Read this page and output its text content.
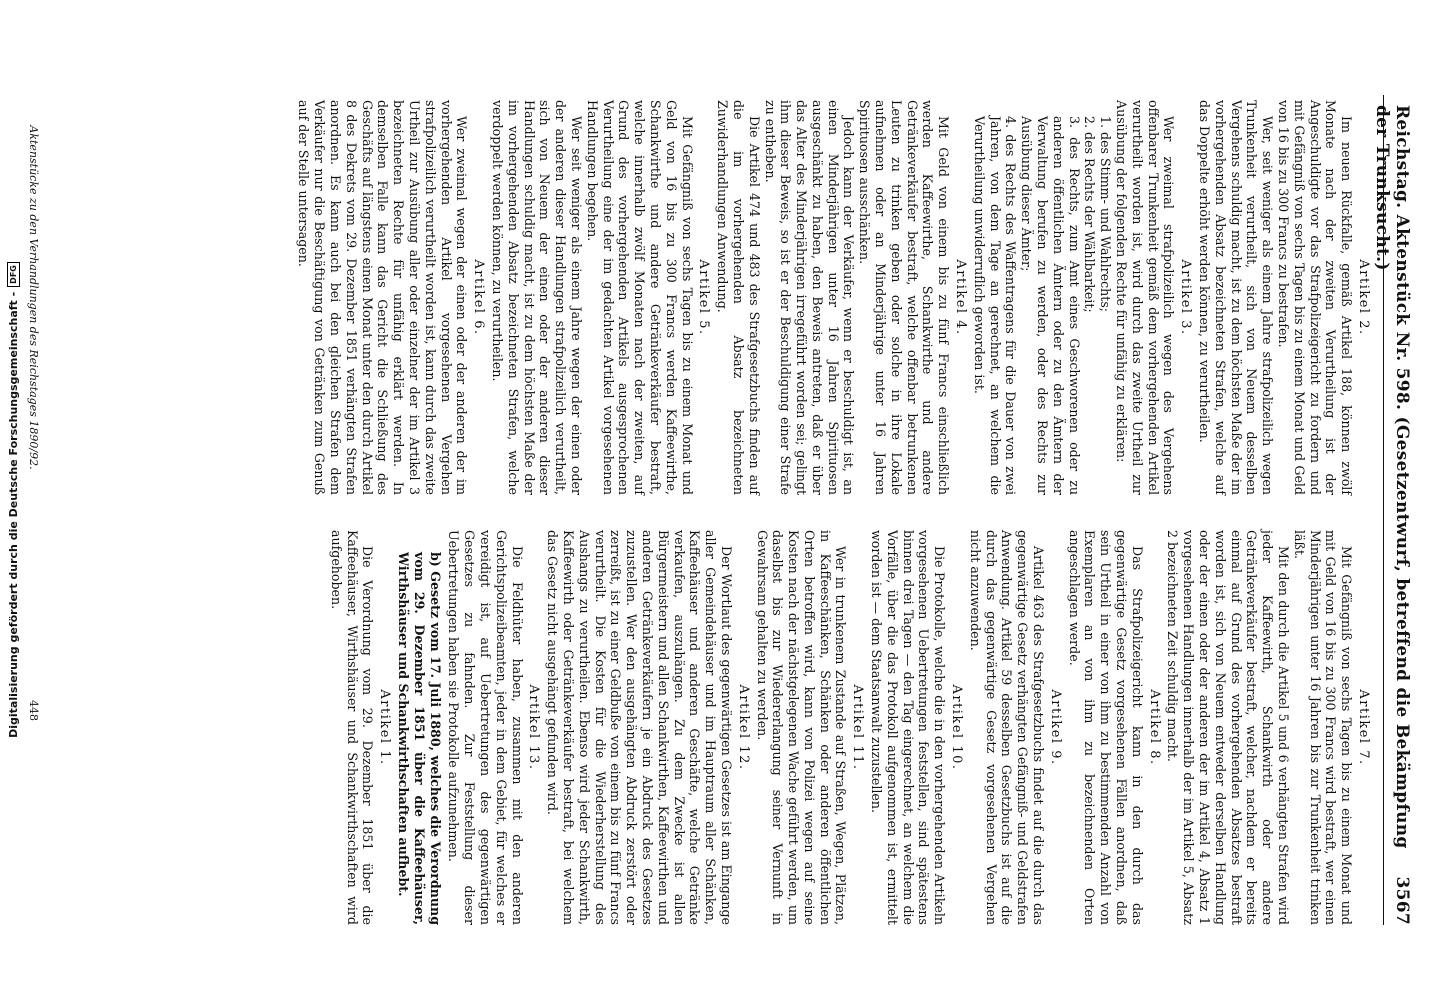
Reichstag. Aktenstück Nr. 598. (Gesetzentwurf, betreffend die Bekämpfung der Trunksucht.)
3567
Artikel 2.

Im neuen Rückfalle, gemäß Artikel 188, können zwölf Monate nach der zweiten Verurtheilung ist der Angeschuldigte vor das Strafpolizeigericht zu fordern und mit Gefängniß von sechs Tagen bis zu einem Monat und Geld von 16 bis zu 300 Francs zu bestrafen.

Wer, seit weniger als einem Jahre strafpolizeilich wegen Trunkenheit verurtheilt, sich von Neuem desselben Vergehens schuldig macht, ist zu dem höchsten Maße der im vorhergehenden Absatz bezeichneten Strafen, welche auf das Doppelte erhöht werden können, zu verurtheilen.

Artikel 3.

Wer zweimal strafpolizeilich wegen des Vergehens offenbarer Trunkenheit gemäß dem vorhergehenden Artikel verurtheilt worden ist, wird durch das zweite Urtheil zur Ausübung der folgenden Rechte für unfähig zu erklären:

1. des Stimm- und Wahlrechts;

2. des Rechts der Wählbarkeit;

3. des Rechts, zum Amt eines Geschworenen oder zu anderen öffentlichen Ämtern oder zu den Ämtern der Verwaltung berufen zu werden, oder des Rechts zur Ausübung dieser Ämter;

4. des Rechts des Waffentragens für die Dauer von zwei Jahren, von dem Tage an gerechnet, an welchem die Verurtheilung unwiderruflich geworden ist.

Artikel 4.

Mit Geld von einem bis zu fünf Francs einschließlich werden Kaffeewirthe, Schankwirthe und andere Getränkeverkäufer bestraft, welche offenbar betrunkenen Leuten zu trinken geben oder solche in ihre Lokale aufnehmen oder an Minderjährige unter 16 Jahren Spirituosen ausschänken.

Jedoch kann der Verkäufer, wenn er beschuldigt ist, an einen Minderjährigen unter 16 Jahren Spirituosen ausgeschänkt zu haben, den Beweis antreten, daß er über das Alter des Minderjährigen irregeführt worden sei; gelingt ihm dieser Beweis, so ist er der Beschuldigung einer Strafe zu entheben.

Die Artikel 474 und 483 des Strafgesetzbuchs finden auf die im vorhergehenden Absatz bezeichneten Zuwiderhandlungen Anwendung.

Artikel 5.

Mit Gefängniß von sechs Tagen bis zu einem Monat und Geld von 16 bis zu 300 Francs werden Kaffeewirthe, Schankwirthe und andere Getränkeverkäufer bestraft, welche innerhalb zwölf Monaten nach der zweiten, auf Grund des vorhergehenden Artikels ausgesprochenen Verurtheilung eine der im gedachten Artikel vorgesehenen Handlungen begehen.

Wer seit weniger als einem Jahre wegen der einen oder der anderen dieser Handlungen strafpolizeilich verurtheilt, sich von Neuem der einen oder der anderen dieser Handlungen schuldig macht, ist zu dem höchsten Maße der im vorhergehenden Absatz bezeichneten Strafen, welche verdoppelt werden können, zu verurtheilen.

Artikel 6.

Wer zweimal wegen der einen oder der anderen der im vorhergehenden Artikel vorgesehenen Vergehen strafpolizeilich verurtheilt worden ist, kann durch das zweite Urtheil zur Ausübung aller oder einzelner der im Artikel 3 bezeichneten Rechte für unfähig erklärt werden. In demselben Falle kann das Gericht die Schließung des Geschäfts auf längstens einen Monat unter den durch Artikel 8 des Dekrets vom 29. Dezember 1851 verhängten Strafen anordnen. Es kann auch bei den gleichen Strafen dem Verkäufer nur die Beschäftigung von Getränken zum Genuß auf der Stelle untersagen.

Artikel 7.

Mit Gefängniß von sechs Tagen bis zu einem Monat und mit Geld von 16 bis zu 300 Francs wird bestraft, wer einen Minderjährigen unter 16 Jahren bis zur Trunkenheit trinken läßt.

Mit den durch die Artikel 5 und 6 verhängten Strafen wird jeder Kaffeewirth, Schankwirth oder andere Getränkeverkäufer bestraft, welcher, nachdem er bereits einmal auf Grund des vorhergehenden Absatzes bestraft worden ist, sich von Neuem entweder derselben Handlung oder der einen oder der anderen der im Artikel 4, Absatz 1 vorgesehenen Handlungen innerhalb der im Artikel 5, Absatz 2 bezeichneten Zeit schuldig macht.

Artikel 8.

Das Strafpolizeigericht kann in den durch das gegenwärtige Gesetz vorgesehenen Fällen anordnen, daß sein Urtheil in einer von ihm zu bestimmenden Anzahl von Exemplaren an von ihm zu bezeichnenden Orten angeschlagen werde.

Artikel 9.

Artikel 463 des Strafgesetzbuchs findet auf die durch das gegenwärtige Gesetz verhängten Gefängniß- und Geldstrafen Anwendung. Artikel 59 desselben Gesetzbuchs ist auf die durch das gegenwärtige Gesetz vorgesehenen Vergehen nicht anzuwenden.

Artikel 10.

Die Protokolle, welche die in den vorhergehenden Artikeln vorgesehenen Uebertretungen feststellen, sind spätestens binnen drei Tagen — den Tag eingerechnet, an welchem die Vorfälle, über die das Protokoll aufgenommen ist, ermittelt worden ist — dem Staatsanwalt zuzustellen.

Artikel 11.

Wer in trunkenem Zustande auf Straßen, Wegen, Plätzen, in Kaffeeschänken, Schänken oder anderen öffentlichen Orten betroffen wird, kann von Polizei wegen auf seine Kosten nach der nächstgelegenen Wache geführt werden, um daselbst bis zur Wiedererlangung seiner Vernunft in Gewahrsam gehalten zu werden.

Artikel 12.

Der Wortlaut des gegenwärtigen Gesetzes ist am Eingange aller Gemeindehäuser und im Hauptraum aller Schänken, Kaffeehäuser und anderen Geschäfte, welche Getränke verkaufen, auszuhängen. Zu dem Zwecke ist allen Bürgermeistern und allen Schankwirthen, Kaffeewirthen und anderen Getränkeverkäufern je ein Abdruck des Gesetzes zuzustellen. Wer den ausgehängten Abdruck zerstört oder zerreißt, ist zu einer Geldbuße von einem bis zu fünf Francs verurtheilt. Die Kosten für die Wiederherstellung des Aushangs zu verurtheilen. Ebenso wird jeder Schankwirth, Kaffeewirth oder Getränkeverkäufer bestraft, bei welchem das Gesetz nicht ausgehängt gefunden wird.

Artikel 13.

Die Feldhüter haben, zusammen mit den anderen Gerichtspolizeibeamten, jeder in dem Gebiet, für welches er vereidigt ist, auf Uebertretungen des gegenwärtigen Gesetzes zu fahnden. Zur Feststellung dieser Uebertretungen haben sie Protokolle aufzunehmen.

b) Gesetz vom 17. Juli 1880, welches die Verordnung vom 29. Dezember 1851 über die Kaffeehäuser, Wirthshäuser und Schankwirthschaften aufhebt.

Artikel 1.

Die Verordnung vom 29. Dezember 1851 über die Kaffeehäuser, Wirthshäuser und Schankwirthschaften wird aufgehoben.

Aktenstücke zu den Verhandlungen des Reichstages 1890/92.
448
Digitalisierung gefördert durch die Deutsche Forschungsgemeinschaft -
DFG
